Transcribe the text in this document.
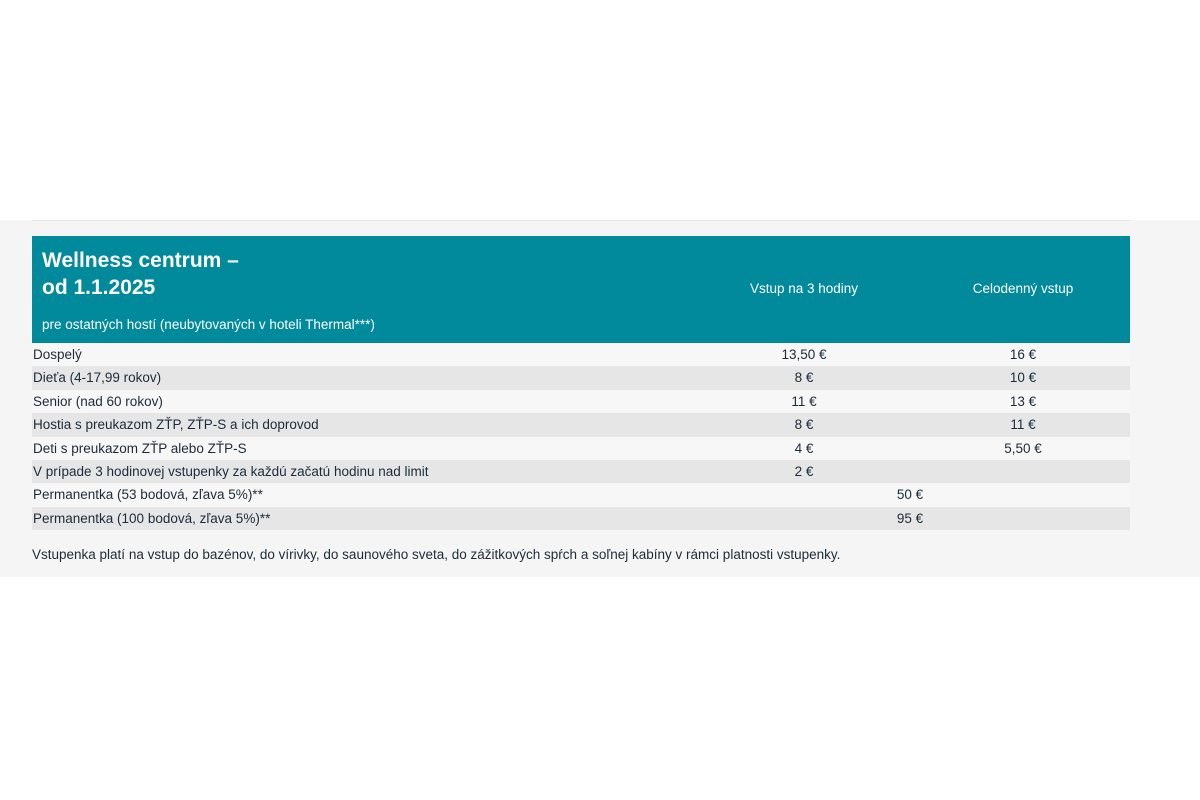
Wellness centrum –
od 1.1.2025
pre ostatných hostí (neubytovaných v hoteli Thermal***)
Vstup na 3 hodiny	Celodenný vstup
Dospelý	13,50 €	16 €
Dieťa (4-17,99 rokov)	8 €	10 €
Senior (nad 60 rokov)	11 €	13 €
Hostia s preukazom ZŤP, ZŤP-S a ich doprovod	8 €	11 €
Deti s preukazom ZŤP alebo ZŤP-S	4 €	5,50 €
V prípade 3 hodinovej vstupenky za každú začatú hodinu nad limit	2 €
Permanentka (53 bodová, zľava 5%)**	50 €
Permanentka (100 bodová, zľava 5%)**	95 €
Vstupenka platí na vstup do bazénov, do vírivky, do saunového sveta, do zážitkových spŕch a soľnej kabíny v rámci platnosti vstupenky.
